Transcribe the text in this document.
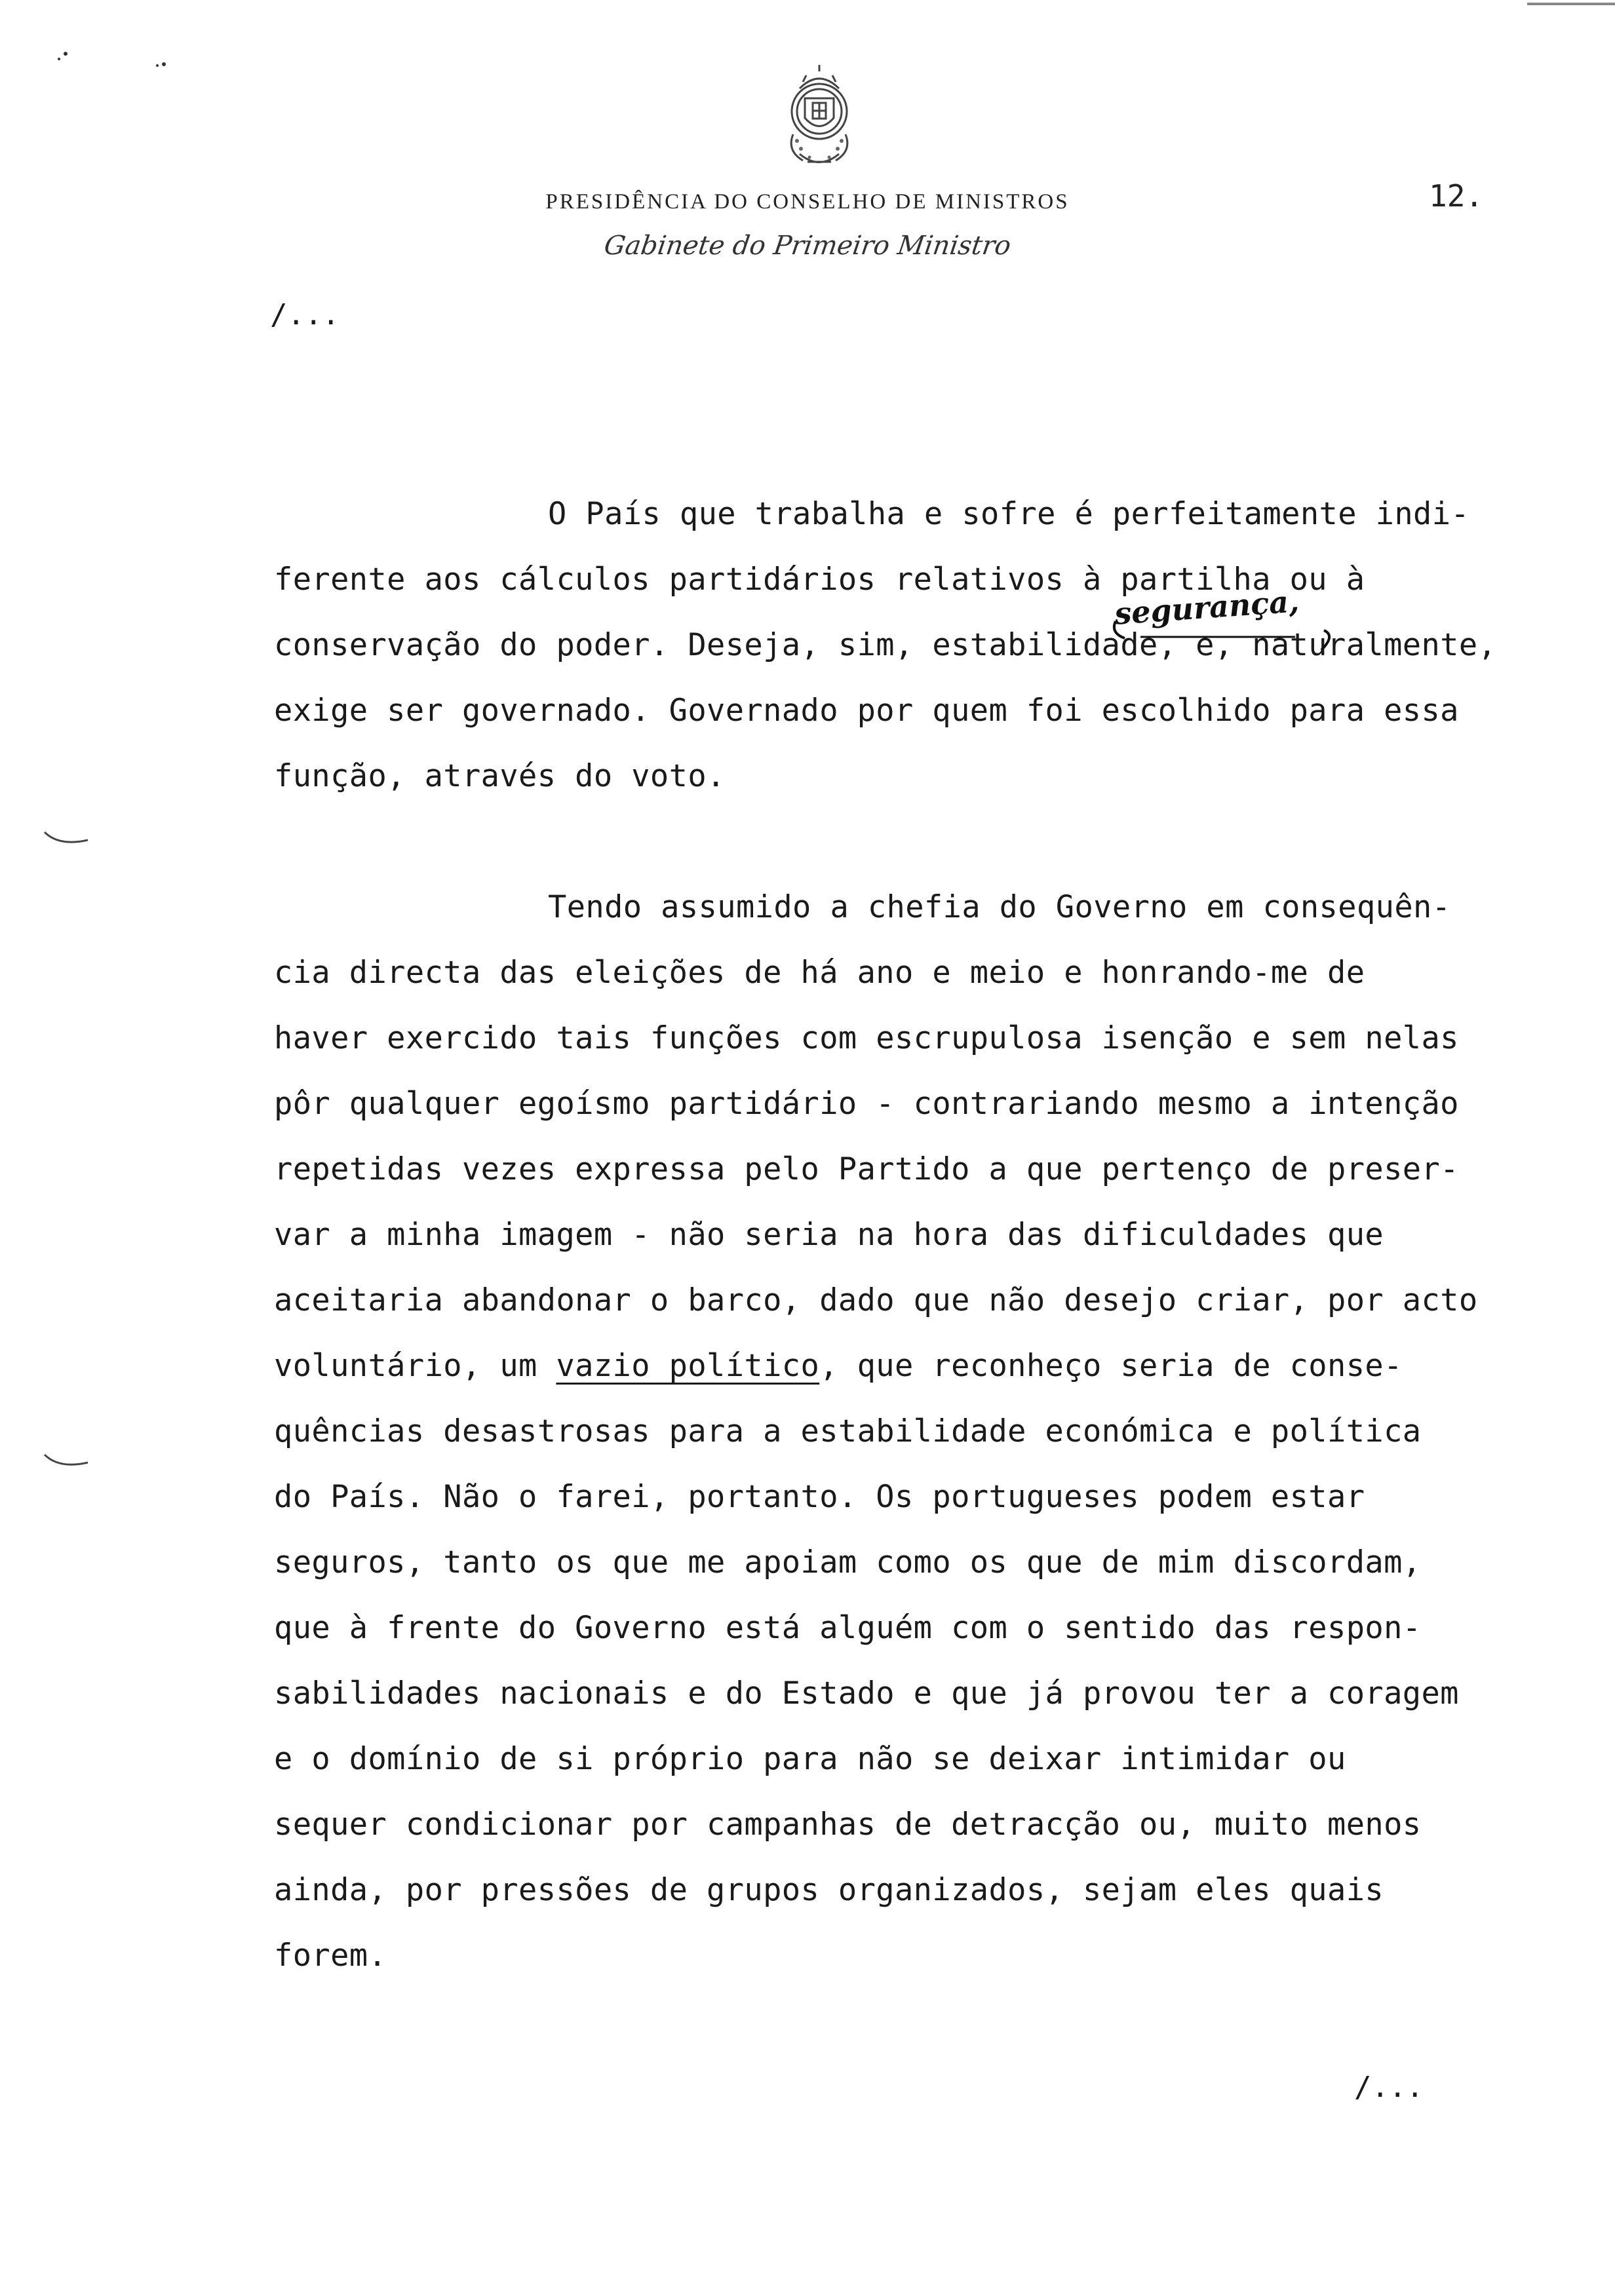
PRESIDÊNCIA DO CONSELHO DE MINISTROS
Gabinete do Primeiro Ministro
12.
/...
O País que trabalha e sofre é perfeitamente indi-
ferente aos cálculos partidários relativos à partilha ou à
conservação do poder. Deseja, sim, estabilidade, e, naturalmente,
exige ser governado. Governado por quem foi escolhido para essa
função, através do voto.
segurança,
Tendo assumido a chefia do Governo em consequên-
cia directa das eleições de há ano e meio e honrando-me de
haver exercido tais funções com escrupulosa isenção e sem nelas
pôr qualquer egoísmo partidário - contrariando mesmo a intenção
repetidas vezes expressa pelo Partido a que pertenço de preser-
var a minha imagem - não seria na hora das dificuldades que
aceitaria abandonar o barco, dado que não desejo criar, por acto
voluntário, um vazio político, que reconheço seria de conse-
quências desastrosas para a estabilidade económica e política
do País. Não o farei, portanto. Os portugueses podem estar
seguros, tanto os que me apoiam como os que de mim discordam,
que à frente do Governo está alguém com o sentido das respon-
sabilidades nacionais e do Estado e que já provou ter a coragem
e o domínio de si próprio para não se deixar intimidar ou
sequer condicionar por campanhas de detracção ou, muito menos
ainda, por pressões de grupos organizados, sejam eles quais
forem.
/...
